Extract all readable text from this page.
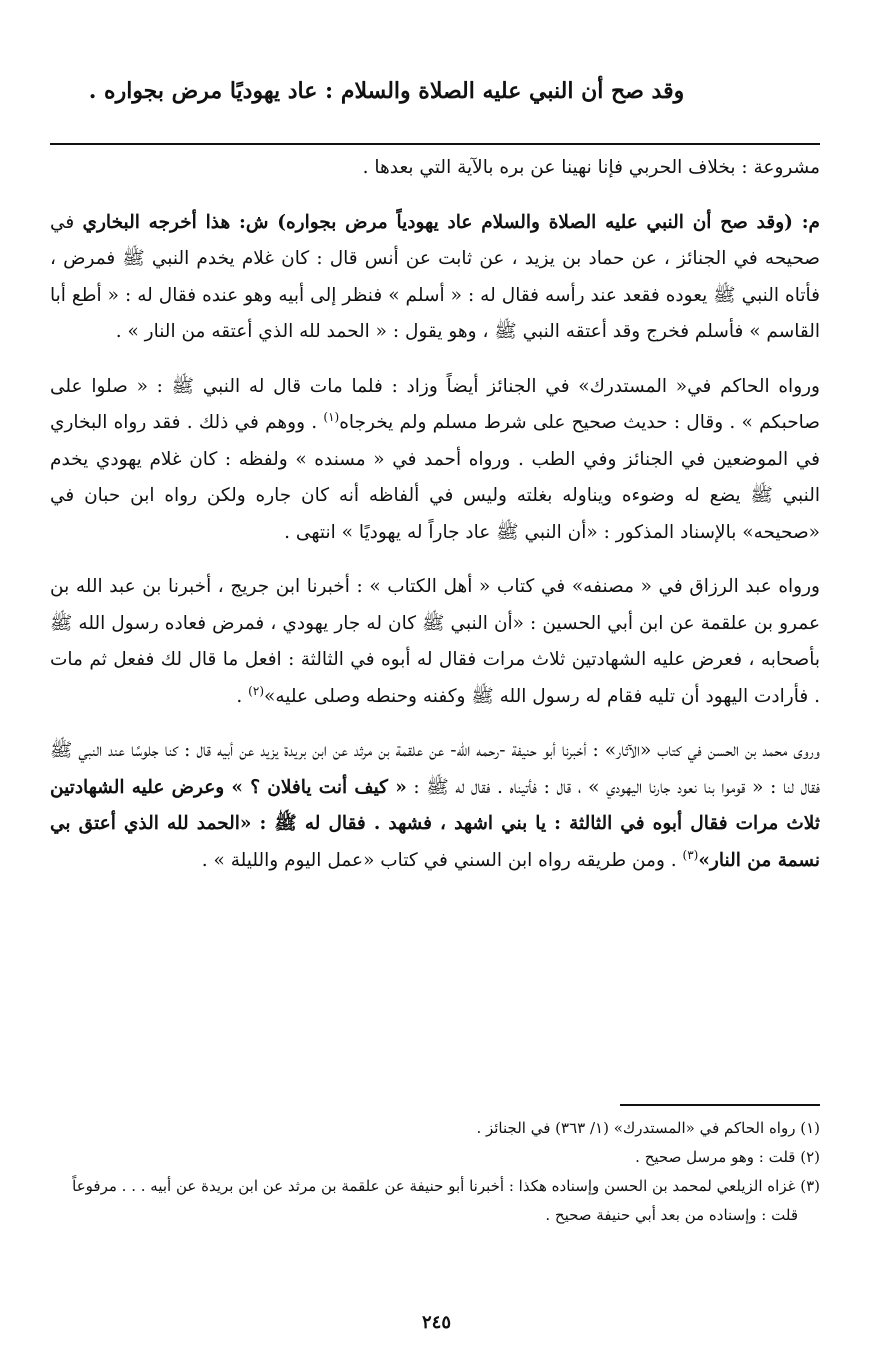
وقد صح أن النبي عليه الصلاة والسلام : عاد يهوديًا مرض بجواره .

مشروعة : بخلاف الحربي فإنا نهينا عن بره بالآية التي بعدها .

م: (وقد صح أن النبي عليه الصلاة والسلام عاد يهودياً مرض بجواره) ش: هذا أخرجه البخاري في صحيحه في الجنائز ، عن حماد بن يزيد ، عن ثابت عن أنس قال : كان غلام يخدم النبي ﷺ فمرض ، فأتاه النبي ﷺ يعوده فقعد عند رأسه فقال له : « أسلم » فنظر إلى أبيه وهو عنده فقال له : « أطع أبا القاسم » فأسلم فخرج وقد أعتقه النبي ﷺ ، وهو يقول : « الحمد لله الذي أعتقه من النار » .

ورواه الحاكم في« المستدرك» في الجنائز أيضاً وزاد : فلما مات قال له النبي ﷺ : « صلوا على صاحبكم » . وقال : حديث صحيح على شرط مسلم ولم يخرجاه$^{(١)}$ . ووهم في ذلك . فقد رواه البخاري في الموضعين في الجنائز وفي الطب . ورواه أحمد في « مسنده » ولفظه : كان غلام يهودي يخدم النبي ﷺ يضع له وضوءه ويناوله بغلته وليس في ألفاظه أنه كان جاره ولكن رواه ابن حبان في «صحيحه» بالإسناد المذكور : «أن النبي ﷺ عاد جاراً له يهوديًا » انتهى .

ورواه عبد الرزاق في « مصنفه» في كتاب « أهل الكتاب » : أخبرنا ابن جريج ، أخبرنا بن عبد الله بن عمرو بن علقمة عن ابن أبي الحسين : «أن النبي ﷺ كان له جار يهودي ، فمرض فعاده رسول الله ﷺ بأصحابه ، فعرض عليه الشهادتين ثلاث مرات فقال له أبوه في الثالثة : افعل ما قال لك ففعل ثم مات . فأرادت اليهود أن تليه فقام له رسول الله ﷺ وكفنه وحنطه وصلى عليه»$^{(٢)}$ .

وروى محمد بن الحسن في كتاب «الآثار» : أخبرنا أبو حنيفة -رحمه الله- عن علقمة بن مرثد عن ابن بريدة يزيد عن أبيه قال : كنا جلوسًا عند النبي ﷺ فقال لنا : « قوموا بنا نعود جارنا اليهودي » ، قال : فأتيناه . فقال له ﷺ : « كيف أنت يافلان ؟ » وعرض عليه الشهادتين ثلاث مرات فقال أبوه في الثالثة : يا بني اشهد ، فشهد . فقال له ﷺ : «الحمد لله الذي أعتق بي نسمة من النار»$^{(٣)}$ . ومن طريقه رواه ابن السني في كتاب «عمل اليوم والليلة » .

(١) رواه الحاكم في «المستدرك» (١/ ٣٦٣) في الجنائز .

(٢) قلت : وهو مرسل صحيح .

(٣) غزاه الزيلعي لمحمد بن الحسن وإسناده هكذا : أخبرنا أبو حنيفة عن علقمة بن مرثد عن ابن بريدة عن أبيه . . . مرفوعاً

قلت : وإسناده من بعد أبي حنيفة صحيح .

٢٤٥
